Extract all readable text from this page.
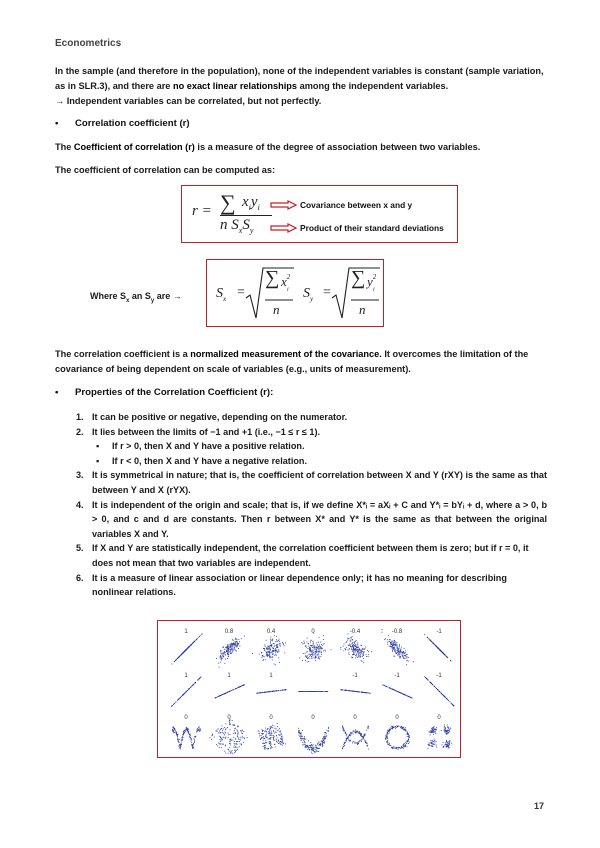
Econometrics
In the sample (and therefore in the population), none of the independent variables is constant (sample variation, as in SLR.3), and there are no exact linear relationships among the independent variables.
→ Independent variables can be correlated, but not perfectly.
• Correlation coefficient (r)
The Coefficient of correlation (r) is a measure of the degree of association between two variables.
The coefficient of correlation can be computed as:
r = ∑ $x_iy_i$
n $S_xS_y$
Covariance between x and y
Product of their standard deviations
Where $S_x$ an $S_y$ are → $S_x$ =
∑ $x^2$
i
n
$S_y$ =
∑ $y^2$
i
n
The correlation coefficient is a normalized measurement of the covariance. It overcomes the limitation of the covariance of being dependent on scale of variables (e.g., units of measurement).
• Properties of the Correlation Coefficient (r):
1. It can be positive or negative, depending on the numerator.
2. It lies between the limits of −1 and +1 (i.e., −1 ≤ r ≤ 1).
▪ If r > 0, then X and Y have a positive relation.
▪ If r < 0, then X and Y have a negative relation.
3. It is symmetrical in nature; that is, the coefficient of correlation between X and Y (rXY) is the same as that between Y and X (rYX).
4. It is independent of the origin and scale; that is, if we define X*ᵢ = aXᵢ + C and Y*ᵢ = bYᵢ + d, where a > 0, b > 0, and c and d are constants. Then r between X* and Y* is the same as that between the original variables X and Y.
5. If X and Y are statistically independent, the correlation coefficient between them is zero; but if r = 0, it does not mean that two variables are independent.
6. It is a measure of linear association or linear dependence only; it has no meaning for describing nonlinear relations.
1	0.8	0.4	0	-0.4	-0.8	-1
1	1	1	-1	-1	-1
0	0	0	0	0	0	0
17
